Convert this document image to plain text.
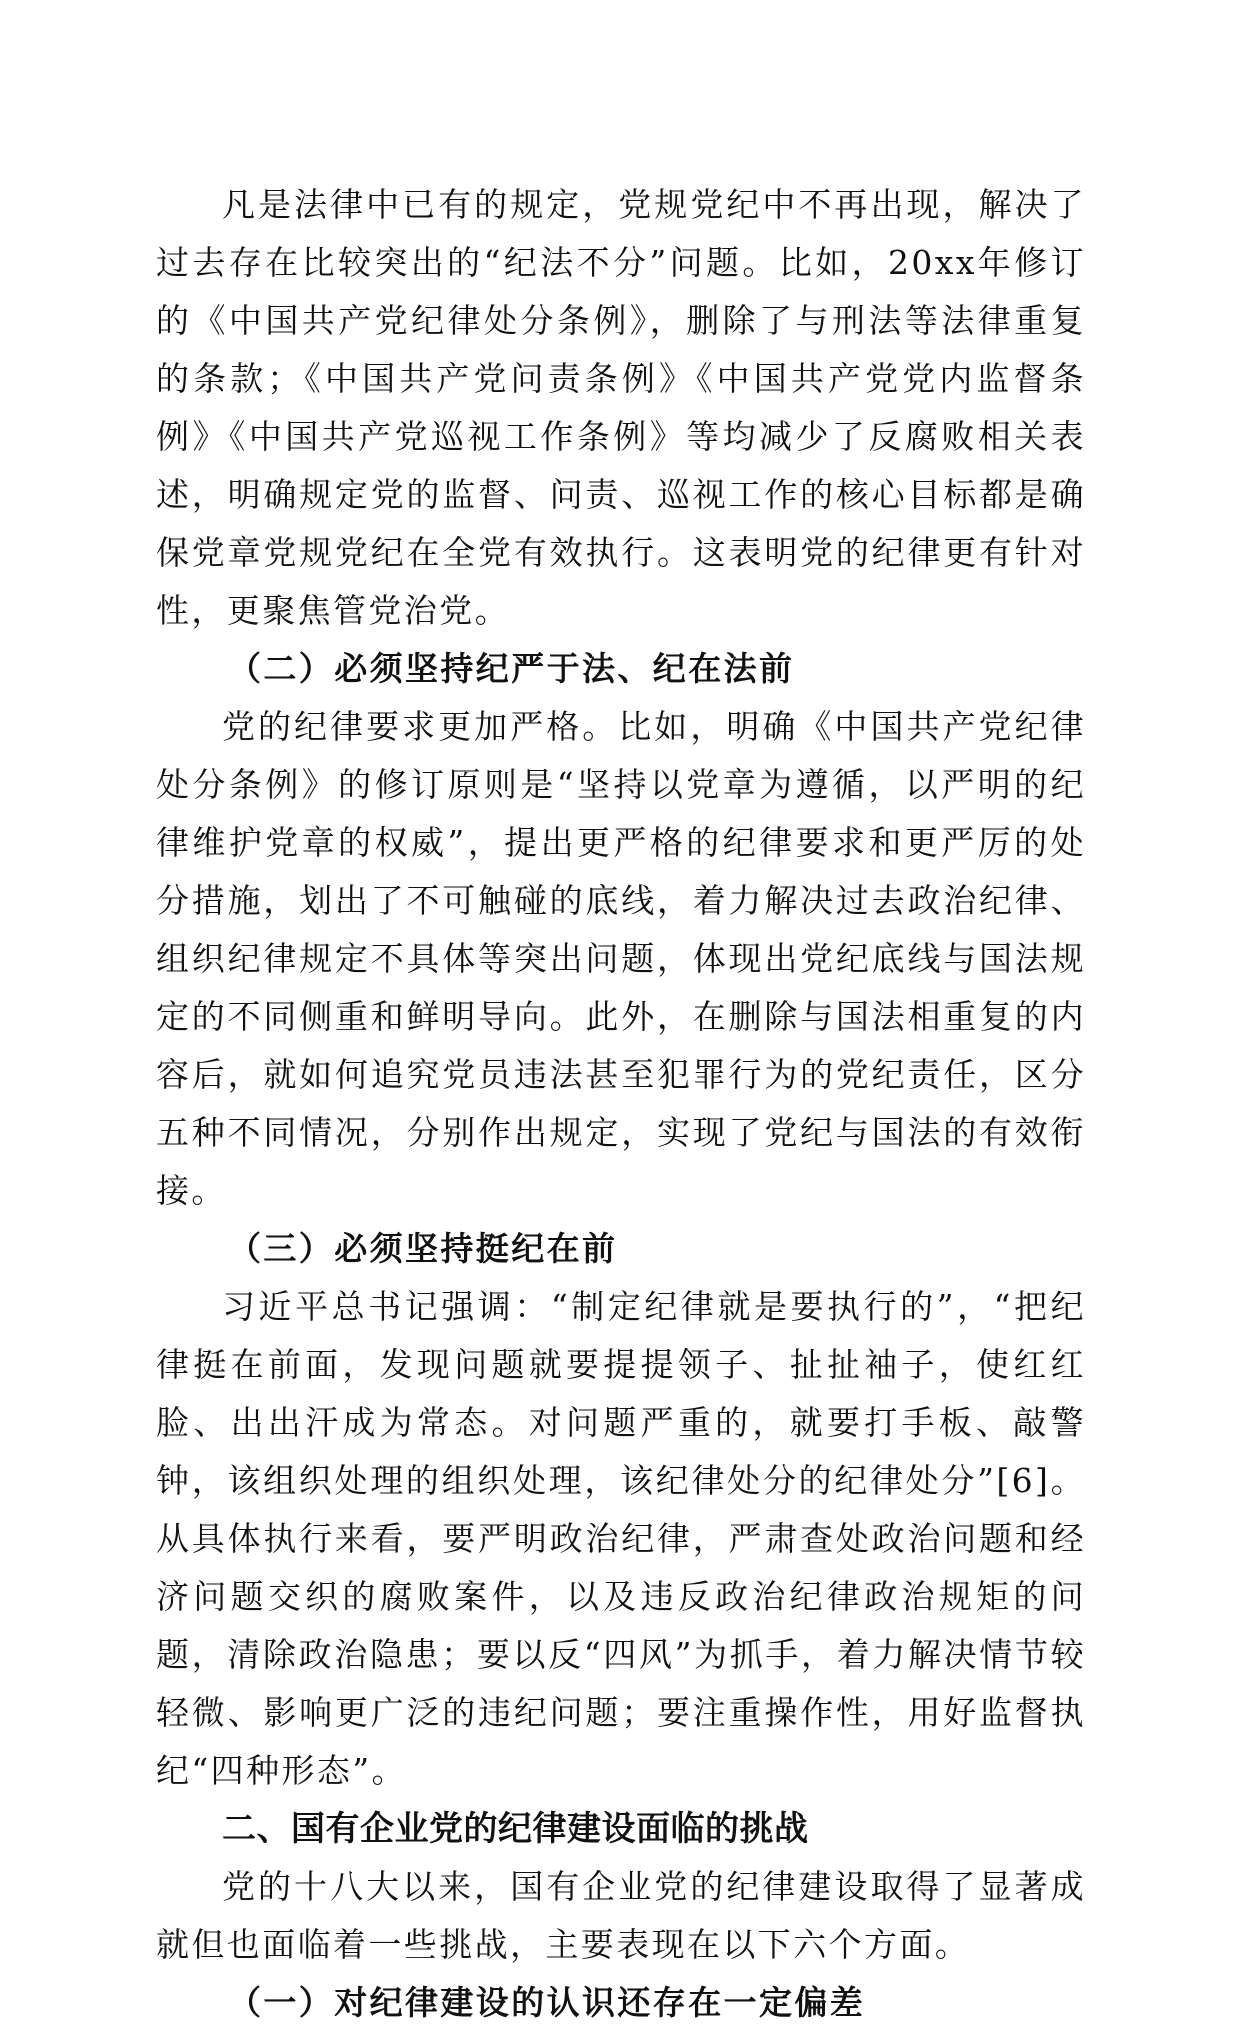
凡是法律中已有的规定，党规党纪中不再出现，解决了过去存在比较突出的“纪法不分”问题。比如，20xx年修订的《中国共产党纪律处分条例》，删除了与刑法等法律重复的条款；《中国共产党问责条例》《中国共产党党内监督条例》《中国共产党巡视工作条例》等均减少了反腐败相关表述，明确规定党的监督、问责、巡视工作的核心目标都是确保党章党规党纪在全党有效执行。这表明党的纪律更有针对性，更聚焦管党治党。

（二）必须坚持纪严于法、纪在法前

党的纪律要求更加严格。比如，明确《中国共产党纪律处分条例》的修订原则是“坚持以党章为遵循，以严明的纪律维护党章的权威”，提出更严格的纪律要求和更严厉的处分措施，划出了不可触碰的底线，着力解决过去政治纪律、组织纪律规定不具体等突出问题，体现出党纪底线与国法规定的不同侧重和鲜明导向。此外，在删除与国法相重复的内容后，就如何追究党员违法甚至犯罪行为的党纪责任，区分五种不同情况，分别作出规定，实现了党纪与国法的有效衔接。

（三）必须坚持挺纪在前

习近平总书记强调：“制定纪律就是要执行的”，“把纪律挺在前面，发现问题就要提提领子、扯扯袖子，使红红脸、出出汗成为常态。对问题严重的，就要打手板、敲警钟，该组织处理的组织处理，该纪律处分的纪律处分”[6]。从具体执行来看，要严明政治纪律，严肃查处政治问题和经济问题交织的腐败案件，以及违反政治纪律政治规矩的问题，清除政治隐患；要以反“四风”为抓手，着力解决情节较轻微、影响更广泛的违纪问题；要注重操作性，用好监督执纪“四种形态”。

二、国有企业党的纪律建设面临的挑战

党的十八大以来，国有企业党的纪律建设取得了显著成就但也面临着一些挑战，主要表现在以下六个方面。

（一）对纪律建设的认识还存在一定偏差
